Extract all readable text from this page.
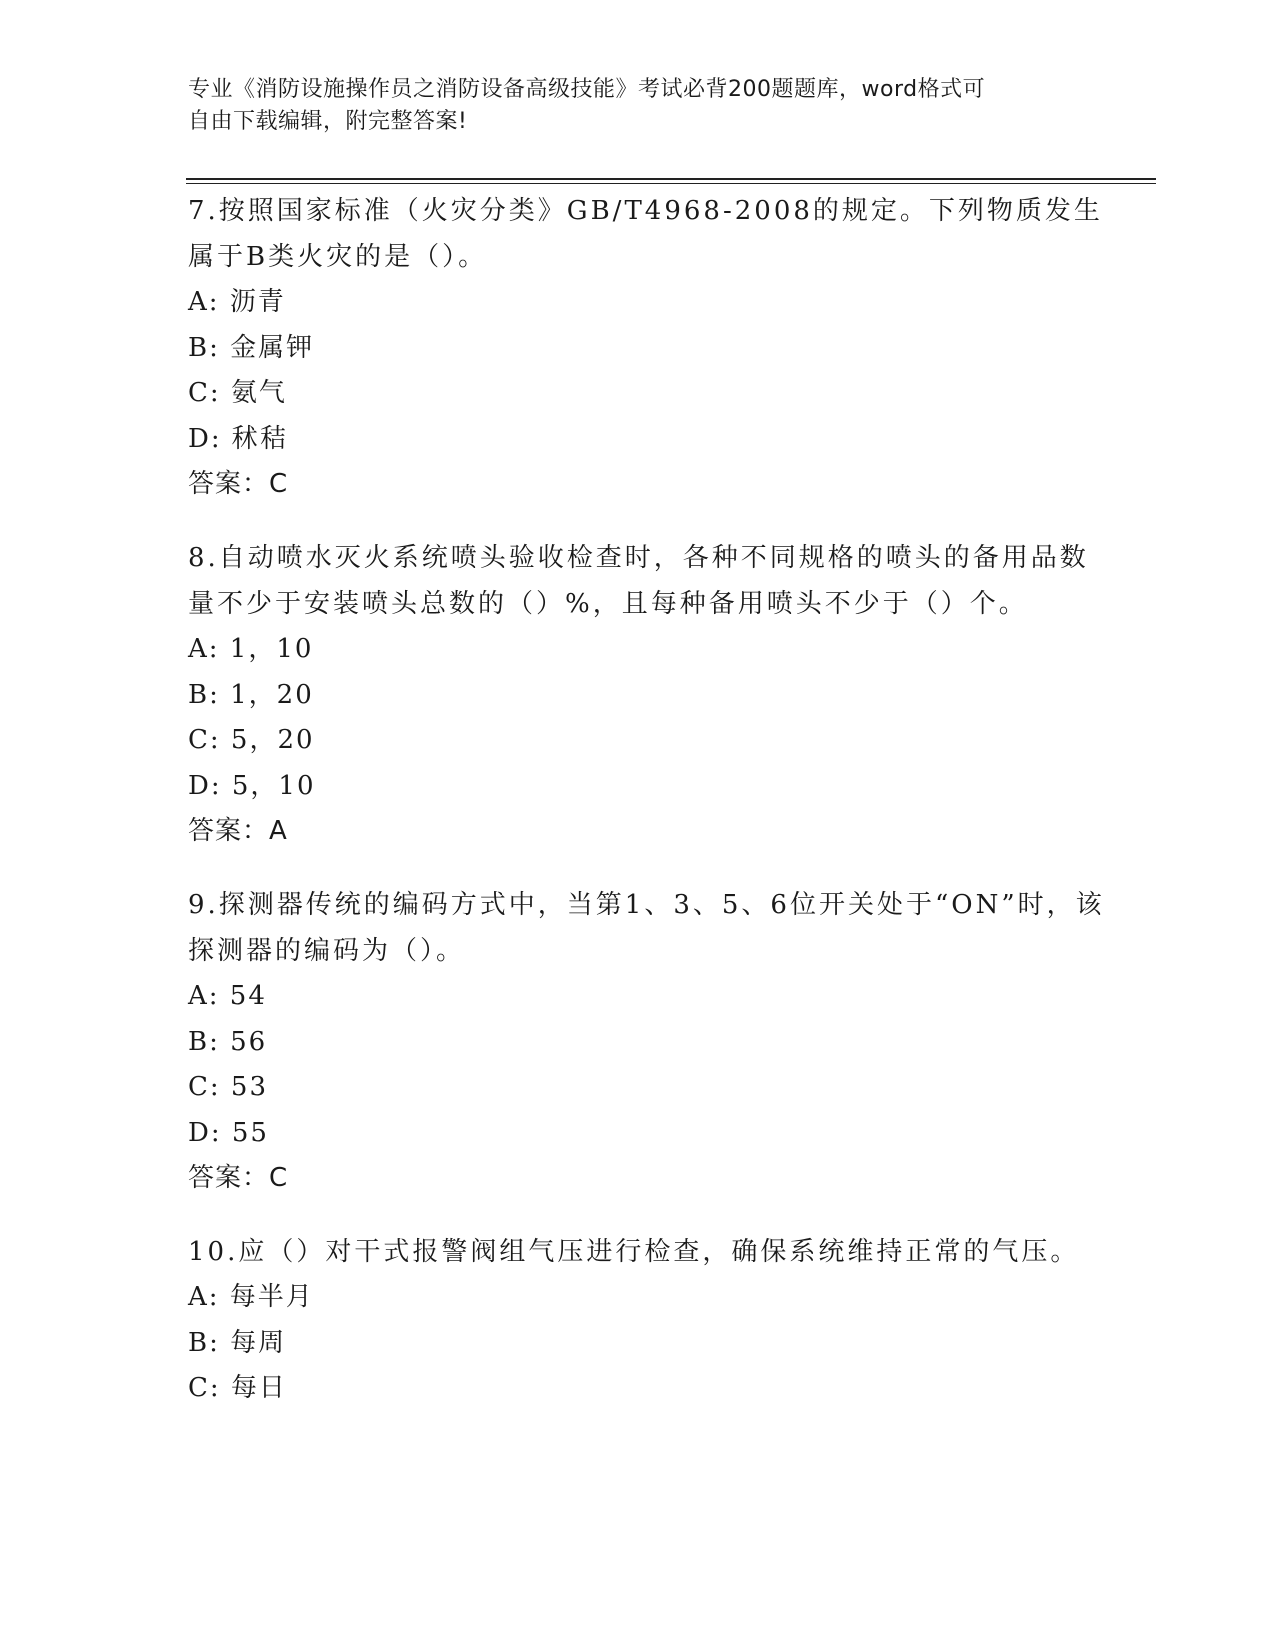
专业《消防设施操作员之消防设备高级技能》考试必背200题题库，word格式可
自由下载编辑，附完整答案!
7.按照国家标准（火灾分类》GB/T4968-2008的规定。下列物质发生属于B类火灾的是（）。
A: 沥青
B: 金属钾
C: 氨气
D: 秫秸
答案：C
8.自动喷水灭火系统喷头验收检查时，各种不同规格的喷头的备用品数量不少于安装喷头总数的（）%，且每种备用喷头不少于（）个。
A: 1，10
B: 1，20
C: 5，20
D: 5，10
答案：A
9.探测器传统的编码方式中，当第1、3、5、6位开关处于“ON”时，该探测器的编码为（）。
A: 54
B: 56
C: 53
D: 55
答案：C
10.应（）对干式报警阀组气压进行检查，确保系统维持正常的气压。
A: 每半月
B: 每周
C: 每日
